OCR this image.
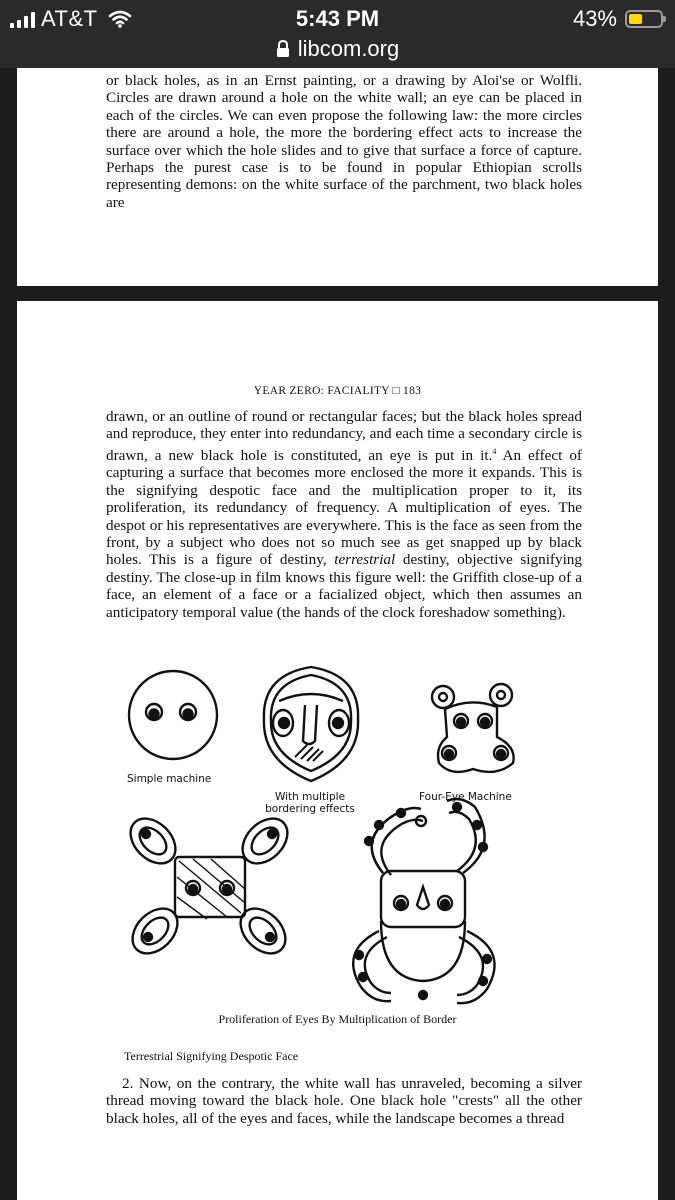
AT&T	5:43 PM	43%
libcom.org

or black holes, as in an Ernst painting, or a drawing by Aloi'se or Wolfli. Circles are drawn around a hole on the white wall; an eye can be placed in each of the circles. We can even propose the following law: the more circles there are around a hole, the more the bordering effect acts to increase the surface over which the hole slides and to give that surface a force of capture. Perhaps the purest case is to be found in popular Ethiopian scrolls representing demons: on the white surface of the parchment, two black holes are

YEAR ZERO: FACIALITY □ 183

drawn, or an outline of round or rectangular faces; but the black holes spread and reproduce, they enter into redundancy, and each time a secondary circle is drawn, a new black hole is constituted, an eye is put in it.$^4$ An effect of capturing a surface that becomes more enclosed the more it expands. This is the signifying despotic face and the multiplication proper to it, its proliferation, its redundancy of frequency. A multiplication of eyes. The despot or his representatives are everywhere. This is the face as seen from the front, by a subject who does not so much see as get snapped up by black holes. This is a figure of destiny, terrestrial destiny, objective signifying destiny. The close-up in film knows this figure well: the Griffith close-up of a face, an element of a face or a facialized object, which then assumes an anticipatory temporal value (the hands of the clock foreshadow something).

Simple machine
With multiple bordering effects
Four-Eye Machine
Proliferation of Eyes By Multiplication of Border
Terrestrial Signifying Despotic Face

2. Now, on the contrary, the white wall has unraveled, becoming a silver thread moving toward the black hole. One black hole "crests" all the other black holes, all of the eyes and faces, while the landscape becomes a thread
